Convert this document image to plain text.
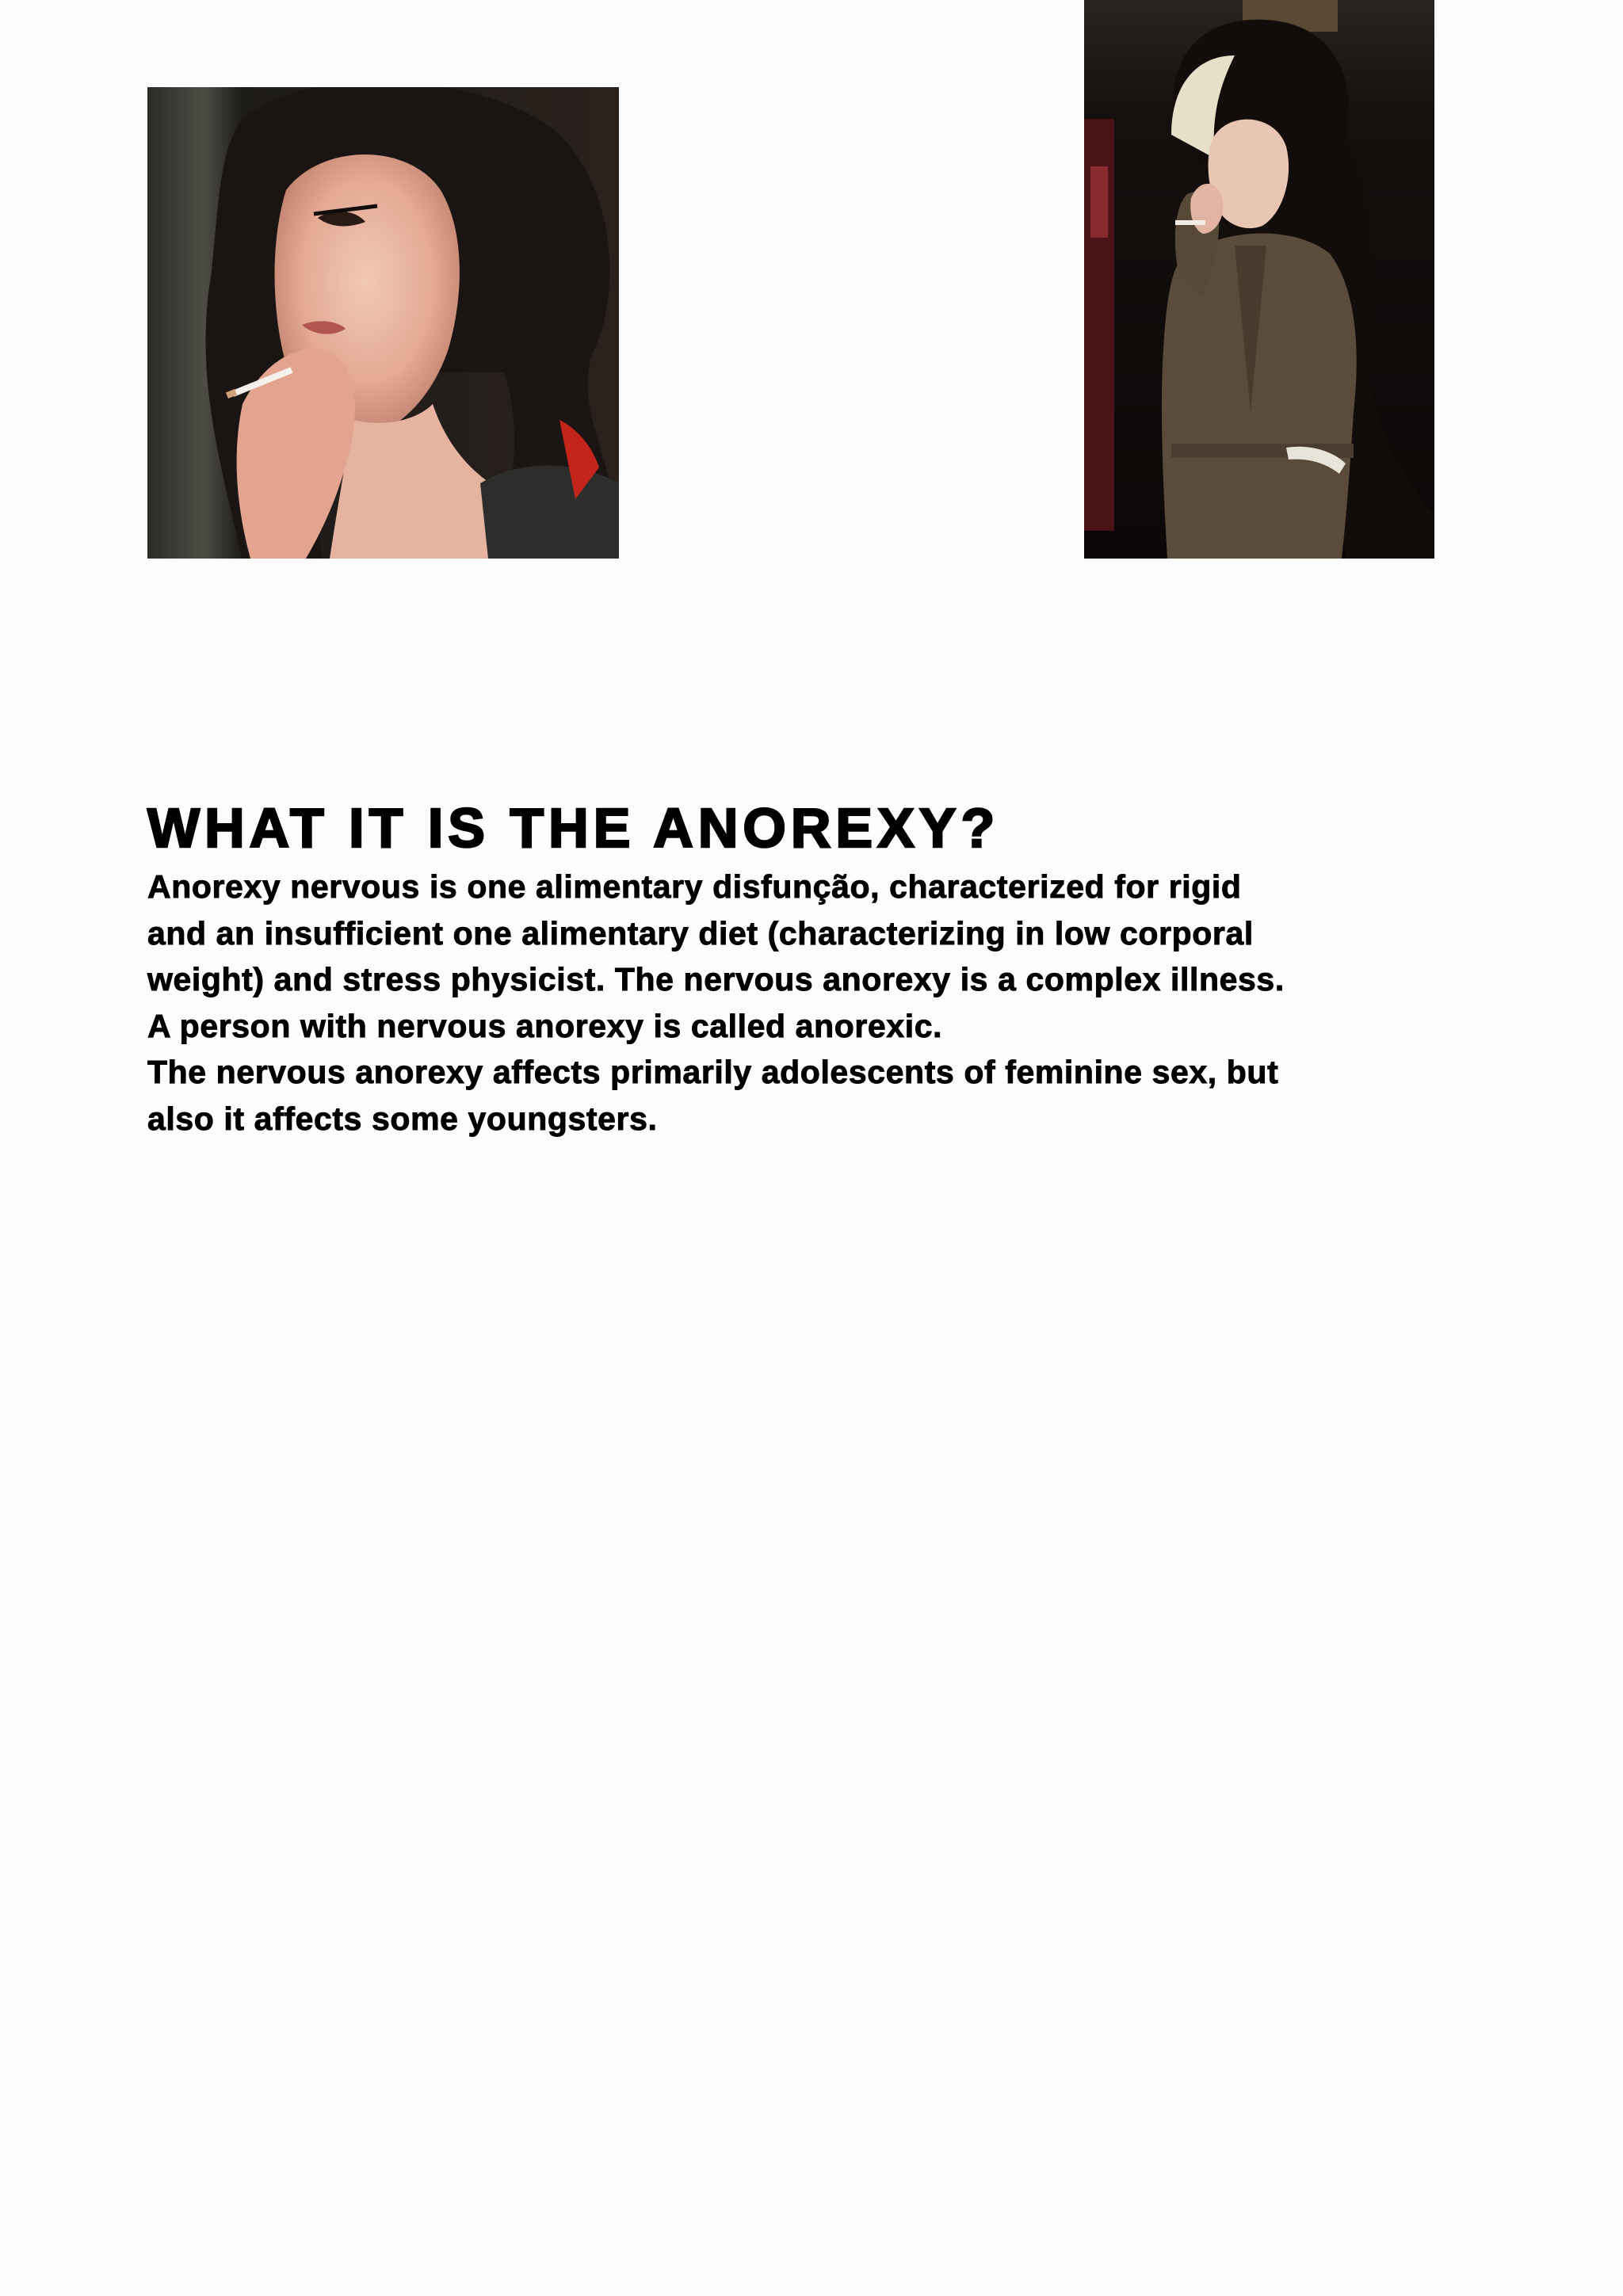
WHAT IT IS THE ANOREXY?

Anorexy nervous is one alimentary disfunção, characterized for rigid
and an insufficient one alimentary diet (characterizing in low corporal
weight) and stress physicist. The nervous anorexy is a complex illness.
A person with nervous anorexy is called anorexic.
The nervous anorexy affects primarily adolescents of feminine sex, but
also it affects some youngsters.
